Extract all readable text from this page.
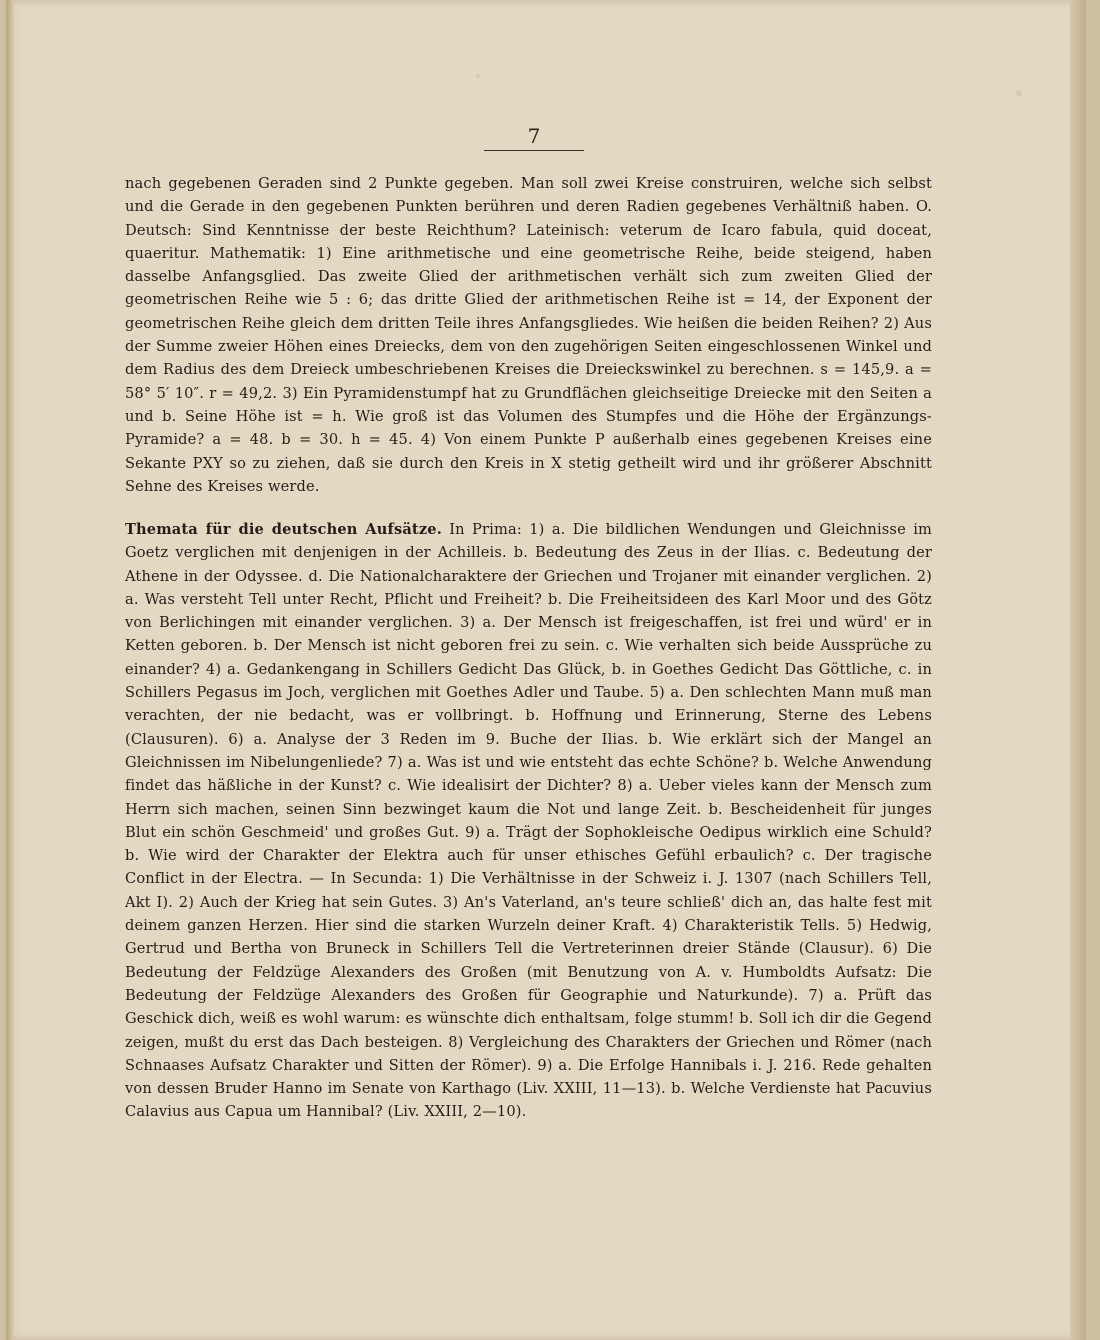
7

nach gegebenen Geraden sind 2 Punkte gegeben. Man soll zwei Kreise construiren, welche sich selbst und die Gerade in den gegebenen Punkten berühren und deren Radien gegebenes Verhältniß haben. O. Deutsch: Sind Kenntnisse der beste Reichthum? Lateinisch: veterum de Icaro fabula, quid doceat, quaeritur. Mathematik: 1) Eine arithmetische und eine geometrische Reihe, beide steigend, haben dasselbe Anfangsglied. Das zweite Glied der arithmetischen verhält sich zum zweiten Glied der geometrischen Reihe wie 5 : 6; das dritte Glied der arithmetischen Reihe ist = 14, der Exponent der geometrischen Reihe gleich dem dritten Teile ihres Anfangsgliedes. Wie heißen die beiden Reihen? 2) Aus der Summe zweier Höhen eines Dreiecks, dem von den zugehörigen Seiten eingeschlossenen Winkel und dem Radius des dem Dreieck umbeschriebenen Kreises die Dreieckswinkel zu berechnen. s = 145,9. a = 58° 5′ 10″. r = 49,2. 3) Ein Pyramidenstumpf hat zu Grundflächen gleichseitige Dreiecke mit den Seiten a und b. Seine Höhe ist = h. Wie groß ist das Volumen des Stumpfes und die Höhe der Ergänzungs-Pyramide? a = 48. b = 30. h = 45. 4) Von einem Punkte P außerhalb eines gegebenen Kreises eine Sekante PXY so zu ziehen, daß sie durch den Kreis in X stetig getheilt wird und ihr größerer Abschnitt Sehne des Kreises werde.

Themata für die deutschen Aufsätze. In Prima: 1) a. Die bildlichen Wendungen und Gleichnisse im Goetz verglichen mit denjenigen in der Achilleis. b. Bedeutung des Zeus in der Ilias. c. Bedeutung der Athene in der Odyssee. d. Die Nationalcharaktere der Griechen und Trojaner mit einander verglichen. 2) a. Was versteht Tell unter Recht, Pflicht und Freiheit? b. Die Freiheitsideen des Karl Moor und des Götz von Berlichingen mit einander verglichen. 3) a. Der Mensch ist freigeschaffen, ist frei und würd' er in Ketten geboren. b. Der Mensch ist nicht geboren frei zu sein. c. Wie verhalten sich beide Aussprüche zu einander? 4) a. Gedankengang in Schillers Gedicht Das Glück, b. in Goethes Gedicht Das Göttliche, c. in Schillers Pegasus im Joch, verglichen mit Goethes Adler und Taube. 5) a. Den schlechten Mann muß man verachten, der nie bedacht, was er vollbringt. b. Hoffnung und Erinnerung, Sterne des Lebens (Clausuren). 6) a. Analyse der 3 Reden im 9. Buche der Ilias. b. Wie erklärt sich der Mangel an Gleichnissen im Nibelungenliede? 7) a. Was ist und wie entsteht das echte Schöne? b. Welche Anwendung findet das häßliche in der Kunst? c. Wie idealisirt der Dichter? 8) a. Ueber vieles kann der Mensch zum Herrn sich machen, seinen Sinn bezwinget kaum die Not und lange Zeit. b. Bescheidenheit für junges Blut ein schön Geschmeid' und großes Gut. 9) a. Trägt der Sophokleische Oedipus wirklich eine Schuld? b. Wie wird der Charakter der Elektra auch für unser ethisches Gefühl erbaulich? c. Der tragische Conflict in der Electra. — In Secunda: 1) Die Verhältnisse in der Schweiz i. J. 1307 (nach Schillers Tell, Akt I). 2) Auch der Krieg hat sein Gutes. 3) An's Vaterland, an's teure schließ' dich an, das halte fest mit deinem ganzen Herzen. Hier sind die starken Wurzeln deiner Kraft. 4) Charakteristik Tells. 5) Hedwig, Gertrud und Bertha von Bruneck in Schillers Tell die Vertreterinnen dreier Stände (Clausur). 6) Die Bedeutung der Feldzüge Alexanders des Großen (mit Benutzung von A. v. Humboldts Aufsatz: Die Bedeutung der Feldzüge Alexanders des Großen für Geographie und Naturkunde). 7) a. Prüft das Geschick dich, weiß es wohl warum: es wünschte dich enthaltsam, folge stumm! b. Soll ich dir die Gegend zeigen, mußt du erst das Dach besteigen. 8) Vergleichung des Charakters der Griechen und Römer (nach Schnaases Aufsatz Charakter und Sitten der Römer). 9) a. Die Erfolge Hannibals i. J. 216. Rede gehalten von dessen Bruder Hanno im Senate von Karthago (Liv. XXIII, 11—13). b. Welche Verdienste hat Pacuvius Calavius aus Capua um Hannibal? (Liv. XXIII, 2—10).
